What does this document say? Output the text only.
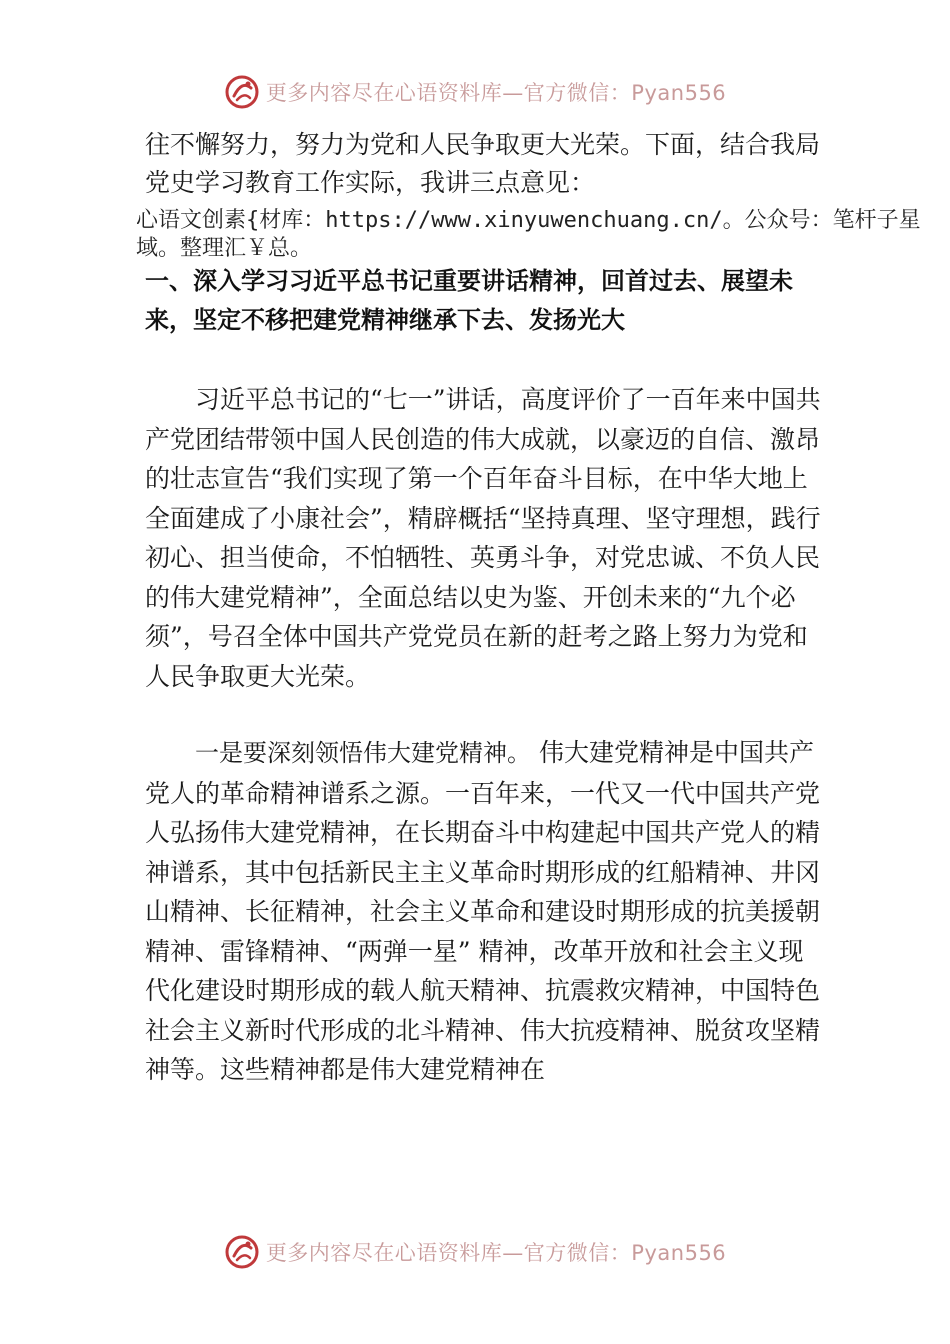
更多内容尽在心语资料库—官方微信：Pyan556

往不懈努力，努力为党和人民争取更大光荣。下面，结合我局党史学习教育工作实际，我讲三点意见：

心语文创素{材库：https://www.xinyuwenchuang.cn/。公众号：笔杆子星域。整理汇￥总。

一、深入学习习近平总书记重要讲话精神，回首过去、展望未来，坚定不移把建党精神继承下去、发扬光大

习近平总书记的“七一”讲话，高度评价了一百年来中国共产党团结带领中国人民创造的伟大成就，以豪迈的自信、激昂的壮志宣告“我们实现了第一个百年奋斗目标，在中华大地上全面建成了小康社会”，精辟概括“坚持真理、坚守理想，践行初心、担当使命，不怕牺牲、英勇斗争，对党忠诚、不负人民的伟大建党精神”，全面总结以史为鉴、开创未来的“九个必须”，号召全体中国共产党党员在新的赶考之路上努力为党和人民争取更大光荣。

一是要深刻领悟伟大建党精神。 伟大建党精神是中国共产党人的革命精神谱系之源。一百年来，一代又一代中国共产党人弘扬伟大建党精神，在长期奋斗中构建起中国共产党人的精神谱系，其中包括新民主主义革命时期形成的红船精神、井冈山精神、长征精神，社会主义革命和建设时期形成的抗美援朝精神、雷锋精神、“两弹一星” 精神，改革开放和社会主义现代化建设时期形成的载人航天精神、抗震救灾精神，中国特色社会主义新时代形成的北斗精神、伟大抗疫精神、脱贫攻坚精神等。这些精神都是伟大建党精神在

更多内容尽在心语资料库—官方微信：Pyan556
